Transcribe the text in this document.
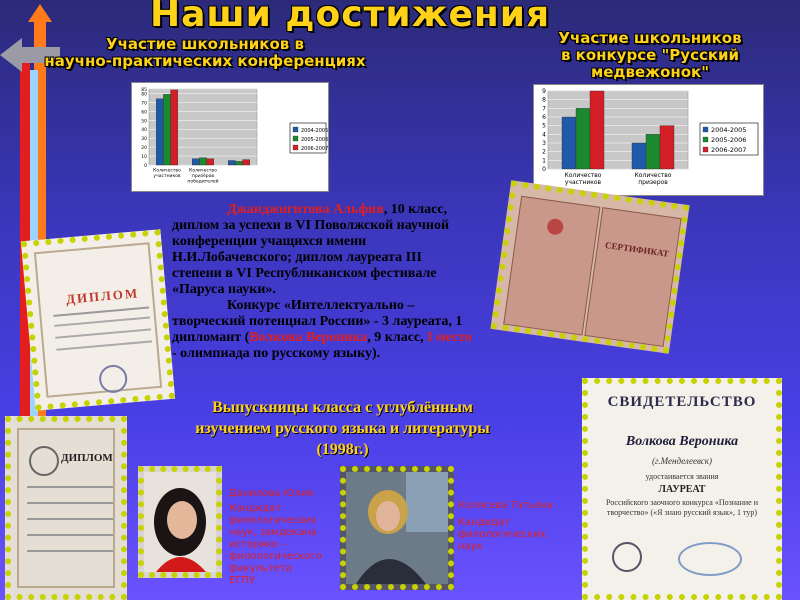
Наши достижения
Участие школьников в
научно-практических конференциях
Участие школьников
в конкурсе "Русский медвежонок"
0
10
20
30
40
50
60
70
80
85
Количество
участников
Количество
призёров
победителей
2004-2005
2005-2006
2006-2007
0
1
2
3
4
5
6
7
8
9
Количество
участников
Количество
призеров
2004-2005
2005-2006
2006-2007
ДИПЛОМ
СЕРТИФИКАТ
Джанджигитова Альфия, 10 класс, диплом за успехи в VI Поволжской научной конференции учащихся имени Н.И.Лобачевского; диплом лауреата III степени в VI Республиканском фестивале «Паруса науки».
Конкурс «Интеллектуально – творческий потенциал России» - 3 лауреата, 1 дипломант (Волкова Вероника, 9 класс, I место - олимпиада по русскому языку).
Выпускницы класса с углублённым изучением русского языка и литературы (1998г.)
ДИПЛОМ
Данилова Юлия
Кандидат филологических наук, замдекана историко – филологического факультета ЕГПУ
Колясева Татьяна
Кандидат филологических наук
СВИДЕТЕЛЬСТВО
Волкова Вероника
(г.Менделеевск)
удостаивается звания
ЛАУРЕАТ
Российского заочного конкурса «Познание и творчество» («Я знаю русский язык», 1 тур)
